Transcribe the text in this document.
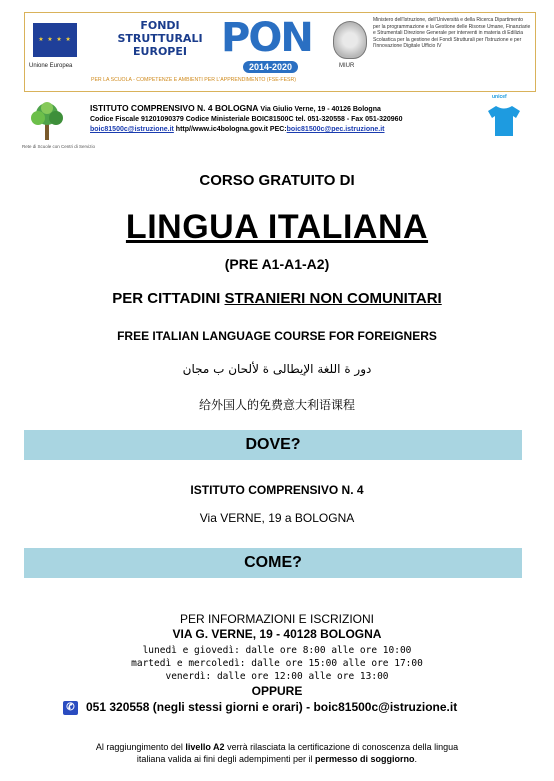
★ ★ ★ ★

Unione Europea
FONDI
STRUTTURALI
EUROPEI PON
2014-2020
PER LA SCUOLA - COMPETENZE E AMBIENTI PER L'APPRENDIMENTO (FSE-FESR)
MIUR
Ministero dell'Istruzione, dell'Università e della Ricerca Dipartimento per la programmazione e la Gestione delle Risorse Umane, Finanziarie e Strumentali Direzione Generale per interventi in materia di Edilizia Scolastica per la gestione dei Fondi Strutturali per l'Istruzione e per l'Innovazione Digitale Ufficio IV
Rete di Scuole con Centri di Servizio
ISTITUTO COMPRENSIVO N. 4 BOLOGNA Via Giulio Verne, 19 - 40126 Bologna
Codice Fiscale 91201090379 Codice Ministeriale BOIC81500C tel. 051-320558 - Fax 051-320960
boic81500c@istruzione.it http//www.ic4bologna.gov.it PEC:boic81500c@pec.istruzione.it
unicef
CORSO GRATUITO DI
LINGUA ITALIANA
(PRE A1-A1-A2)
PER CITTADINI STRANIERI NON COMUNITARI
FREE ITALIAN LANGUAGE COURSE FOR FOREIGNERS
دور ة اللغة الإيطالى ة لألحان ب مجان
给外国人的免费意大利语课程
DOVE?
ISTITUTO COMPRENSIVO N. 4
Via VERNE, 19 a BOLOGNA
COME?
PER INFORMAZIONI E ISCRIZIONI
VIA G. VERNE, 19 - 40128 BOLOGNA
lunedì e giovedì: dalle ore 8:00 alle ore 10:00
martedì e mercoledì: dalle ore 15:00 alle ore 17:00
venerdì: dalle ore 12:00 alle ore 13:00
OPPURE
✆ 051 320558 (negli stessi giorni e orari) - boic81500c@istruzione.it
Al raggiungimento del livello A2 verrà rilasciata la certificazione di conoscenza della lingua
italiana valida ai fini degli adempimenti per il permesso di soggiorno.
